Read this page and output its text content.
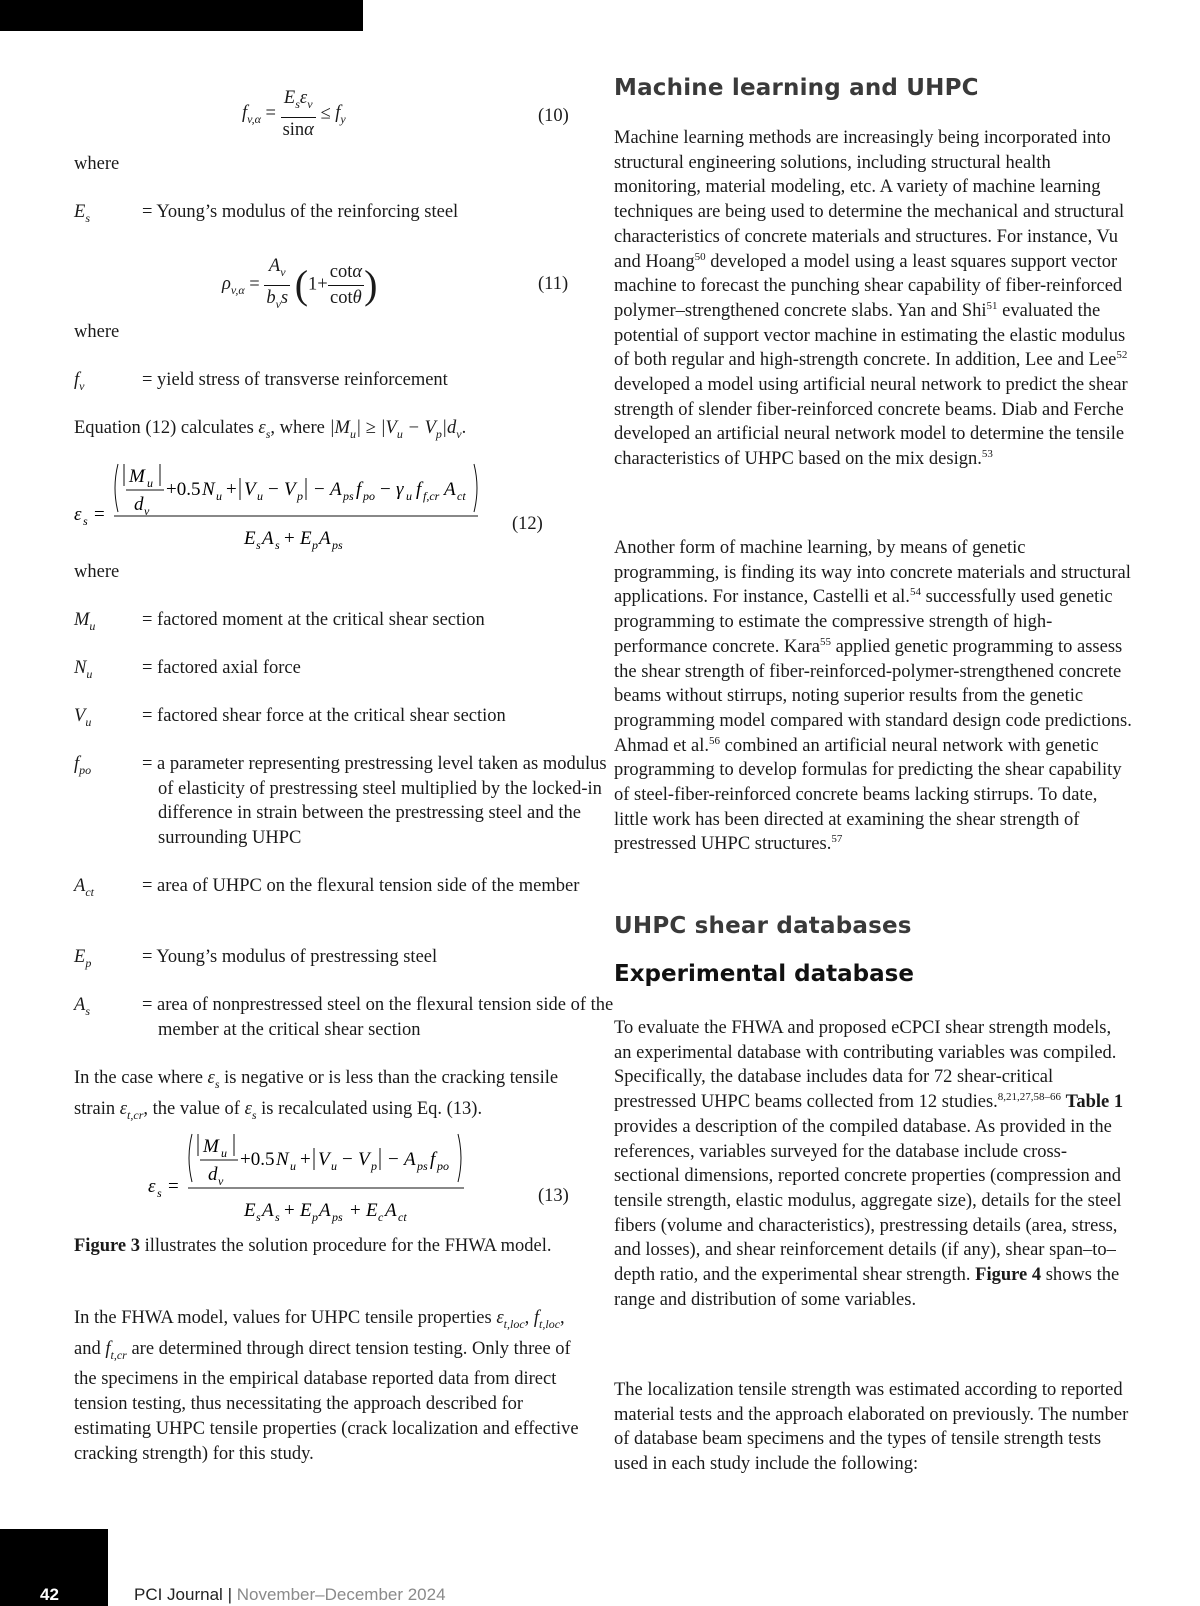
$f_{v,\alpha} = \frac{E_s\varepsilon_v}{\sin\alpha} \le f_y$	(10)

where

$E_s$	= Young’s modulus of the reinforcing steel
$\rho_{v,\alpha} = \frac{A_v}{b_vs} (1+ \frac{\cot\alpha}{\cot\theta}$ )	(11)

where

$f_v$	= yield stress of transverse reinforcement

Equation (12) calculates $\varepsilon_s$, where $|M_u| \ge |V_u - V_p|d_v$.

ε s =
M u
d v
+0.5 N u + V u − V p − A ps f po − γ u f f,cr A ct
E s A s + E p A ps
(12)

where

$M_u$	= factored moment at the critical shear section
$N_u$	= factored axial force
$V_u$	= factored shear force at the critical shear section
$f_{po}$	= a parameter representing prestressing level taken as modulus of elasticity of prestressing steel multiplied by the locked-in difference in strain between the prestressing steel and the surrounding UHPC
$A_{ct}$	= area of UHPC on the flexural tension side of the member
$E_p$	= Young’s modulus of prestressing steel
$A_s$	= area of nonprestressed steel on the flexural tension side of the member at the critical shear section

In the case where $\varepsilon_s$ is negative or is less than the cracking tensile strain $\varepsilon_{t,cr}$, the value of $\varepsilon_s$ is recalculated using Eq. (13).

ε s =
M u
d v
+0.5 N u + V u − V p − A ps f po
E s A s + E p A ps + E c A ct
(13)

Figure 3 illustrates the solution procedure for the FHWA model.

In the FHWA model, values for UHPC tensile properties $\varepsilon_{t,loc}$, $f_{t,loc}$, and $f_{t,cr}$ are determined through direct tension testing. Only three of the specimens in the empirical database reported data from direct tension testing, thus necessitating the approach described for estimating UHPC tensile properties (crack localization and effective cracking strength) for this study.

Machine learning and UHPC

Machine learning methods are increasingly being incorporated into structural engineering solutions, including structural health monitoring, material modeling, etc. A variety of machine learning techniques are being used to determine the mechanical and structural characteristics of concrete materials and structures. For instance, Vu and Hoang$^{50}$ developed a model using a least squares support vector machine to forecast the punching shear capability of fiber-reinforced polymer–strengthened concrete slabs. Yan and Shi$^{51}$ evaluated the potential of support vector machine in estimating the elastic modulus of both regular and high-strength concrete. In addition, Lee and Lee$^{52}$ developed a model using artificial neural network to predict the shear strength of slender fiber-reinforced concrete beams. Diab and Ferche developed an artificial neural network model to determine the tensile characteristics of UHPC based on the mix design.$^{53}$

Another form of machine learning, by means of genetic programming, is finding its way into concrete materials and structural applications. For instance, Castelli et al.$^{54}$ successfully used genetic programming to estimate the compressive strength of high-performance concrete. Kara$^{55}$ applied genetic programming to assess the shear strength of fiber-reinforced-polymer-strengthened concrete beams without stirrups, noting superior results from the genetic programming model compared with standard design code predictions. Ahmad et al.$^{56}$ combined an artificial neural network with genetic programming to develop formulas for predicting the shear capability of steel-fiber-reinforced concrete beams lacking stirrups. To date, little work has been directed at examining the shear strength of prestressed UHPC structures.$^{57}$

UHPC shear databases
Experimental database

To evaluate the FHWA and proposed eCPCI shear strength models, an experimental database with contributing variables was compiled. Specifically, the database includes data for 72 shear-critical prestressed UHPC beams collected from 12 studies.$^{8,21,27,58-66}$ Table 1 provides a description of the compiled database. As provided in the references, variables surveyed for the database include cross-sectional dimensions, reported concrete properties (compression and tensile strength, elastic modulus, aggregate size), details for the steel fibers (volume and characteristics), prestressing details (area, stress, and losses), and shear reinforcement details (if any), shear span–to–depth ratio, and the experimental shear strength. Figure 4 shows the range and distribution of some variables.

The localization tensile strength was estimated according to reported material tests and the approach elaborated on previously. The number of database beam specimens and the types of tensile strength tests used in each study include the following:

42	PCI Journal | November–December 2024
